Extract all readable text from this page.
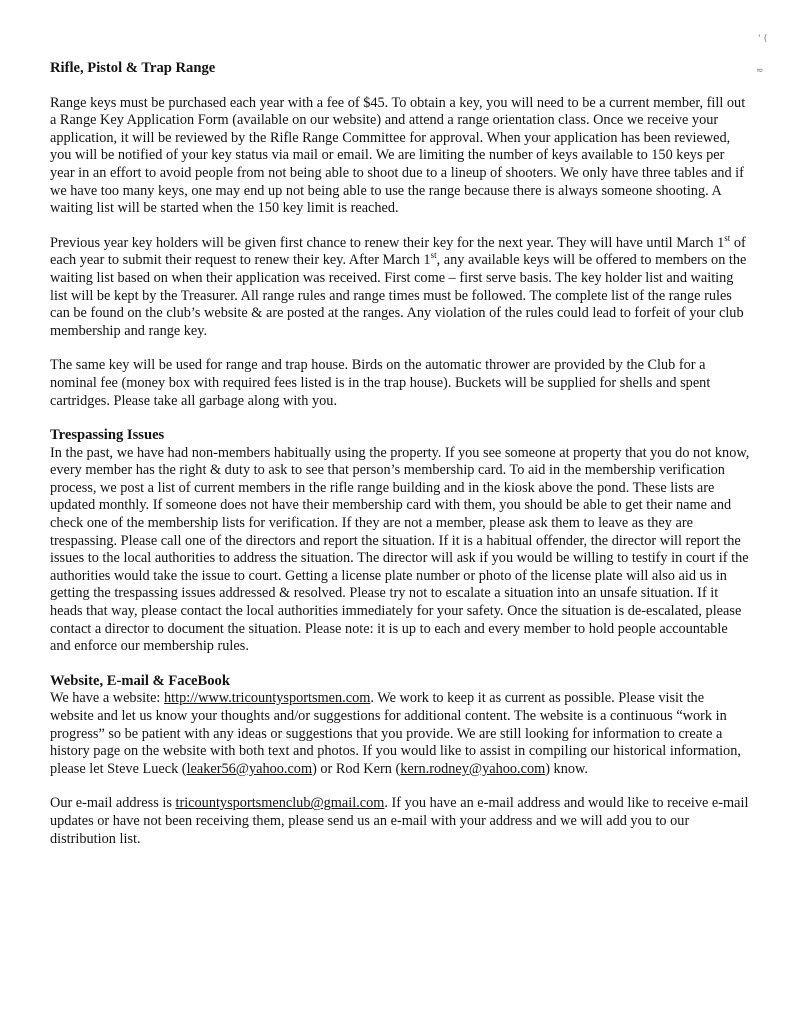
‘ (
≂

Rifle, Pistol & Trap Range

Range keys must be purchased each year with a fee of $45. To obtain a key, you will need to be a current member, fill out a Range Key Application Form (available on our website) and attend a range orientation class. Once we receive your application, it will be reviewed by the Rifle Range Committee for approval. When your application has been reviewed, you will be notified of your key status via mail or email. We are limiting the number of keys available to 150 keys per year in an effort to avoid people from not being able to shoot due to a lineup of shooters. We only have three tables and if we have too many keys, one may end up not being able to use the range because there is always someone shooting. A waiting list will be started when the 150 key limit is reached.

Previous year key holders will be given first chance to renew their key for the next year. They will have until March 1st of each year to submit their request to renew their key. After March 1st, any available keys will be offered to members on the waiting list based on when their application was received. First come – first serve basis. The key holder list and waiting list will be kept by the Treasurer. All range rules and range times must be followed. The complete list of the range rules can be found on the club’s website & are posted at the ranges. Any violation of the rules could lead to forfeit of your club membership and range key.

The same key will be used for range and trap house. Birds on the automatic thrower are provided by the Club for a nominal fee (money box with required fees listed is in the trap house). Buckets will be supplied for shells and spent cartridges. Please take all garbage along with you.

Trespassing Issues

In the past, we have had non-members habitually using the property. If you see someone at property that you do not know, every member has the right & duty to ask to see that person’s membership card. To aid in the membership verification process, we post a list of current members in the rifle range building and in the kiosk above the pond. These lists are updated monthly. If someone does not have their membership card with them, you should be able to get their name and check one of the membership lists for verification. If they are not a member, please ask them to leave as they are trespassing. Please call one of the directors and report the situation. If it is a habitual offender, the director will report the issues to the local authorities to address the situation. The director will ask if you would be willing to testify in court if the authorities would take the issue to court. Getting a license plate number or photo of the license plate will also aid us in getting the trespassing issues addressed & resolved. Please try not to escalate a situation into an unsafe situation. If it heads that way, please contact the local authorities immediately for your safety. Once the situation is de-escalated, please contact a director to document the situation. Please note: it is up to each and every member to hold people accountable and enforce our membership rules.

Website, E-mail & FaceBook

We have a website: http://www.tricountysportsmen.com. We work to keep it as current as possible. Please visit the website and let us know your thoughts and/or suggestions for additional content. The website is a continuous “work in progress” so be patient with any ideas or suggestions that you provide. We are still looking for information to create a history page on the website with both text and photos. If you would like to assist in compiling our historical information, please let Steve Lueck (leaker56@yahoo.com) or Rod Kern (kern.rodney@yahoo.com) know.

Our e-mail address is tricountysportsmenclub@gmail.com. If you have an e-mail address and would like to receive e-mail updates or have not been receiving them, please send us an e-mail with your address and we will add you to our distribution list.
